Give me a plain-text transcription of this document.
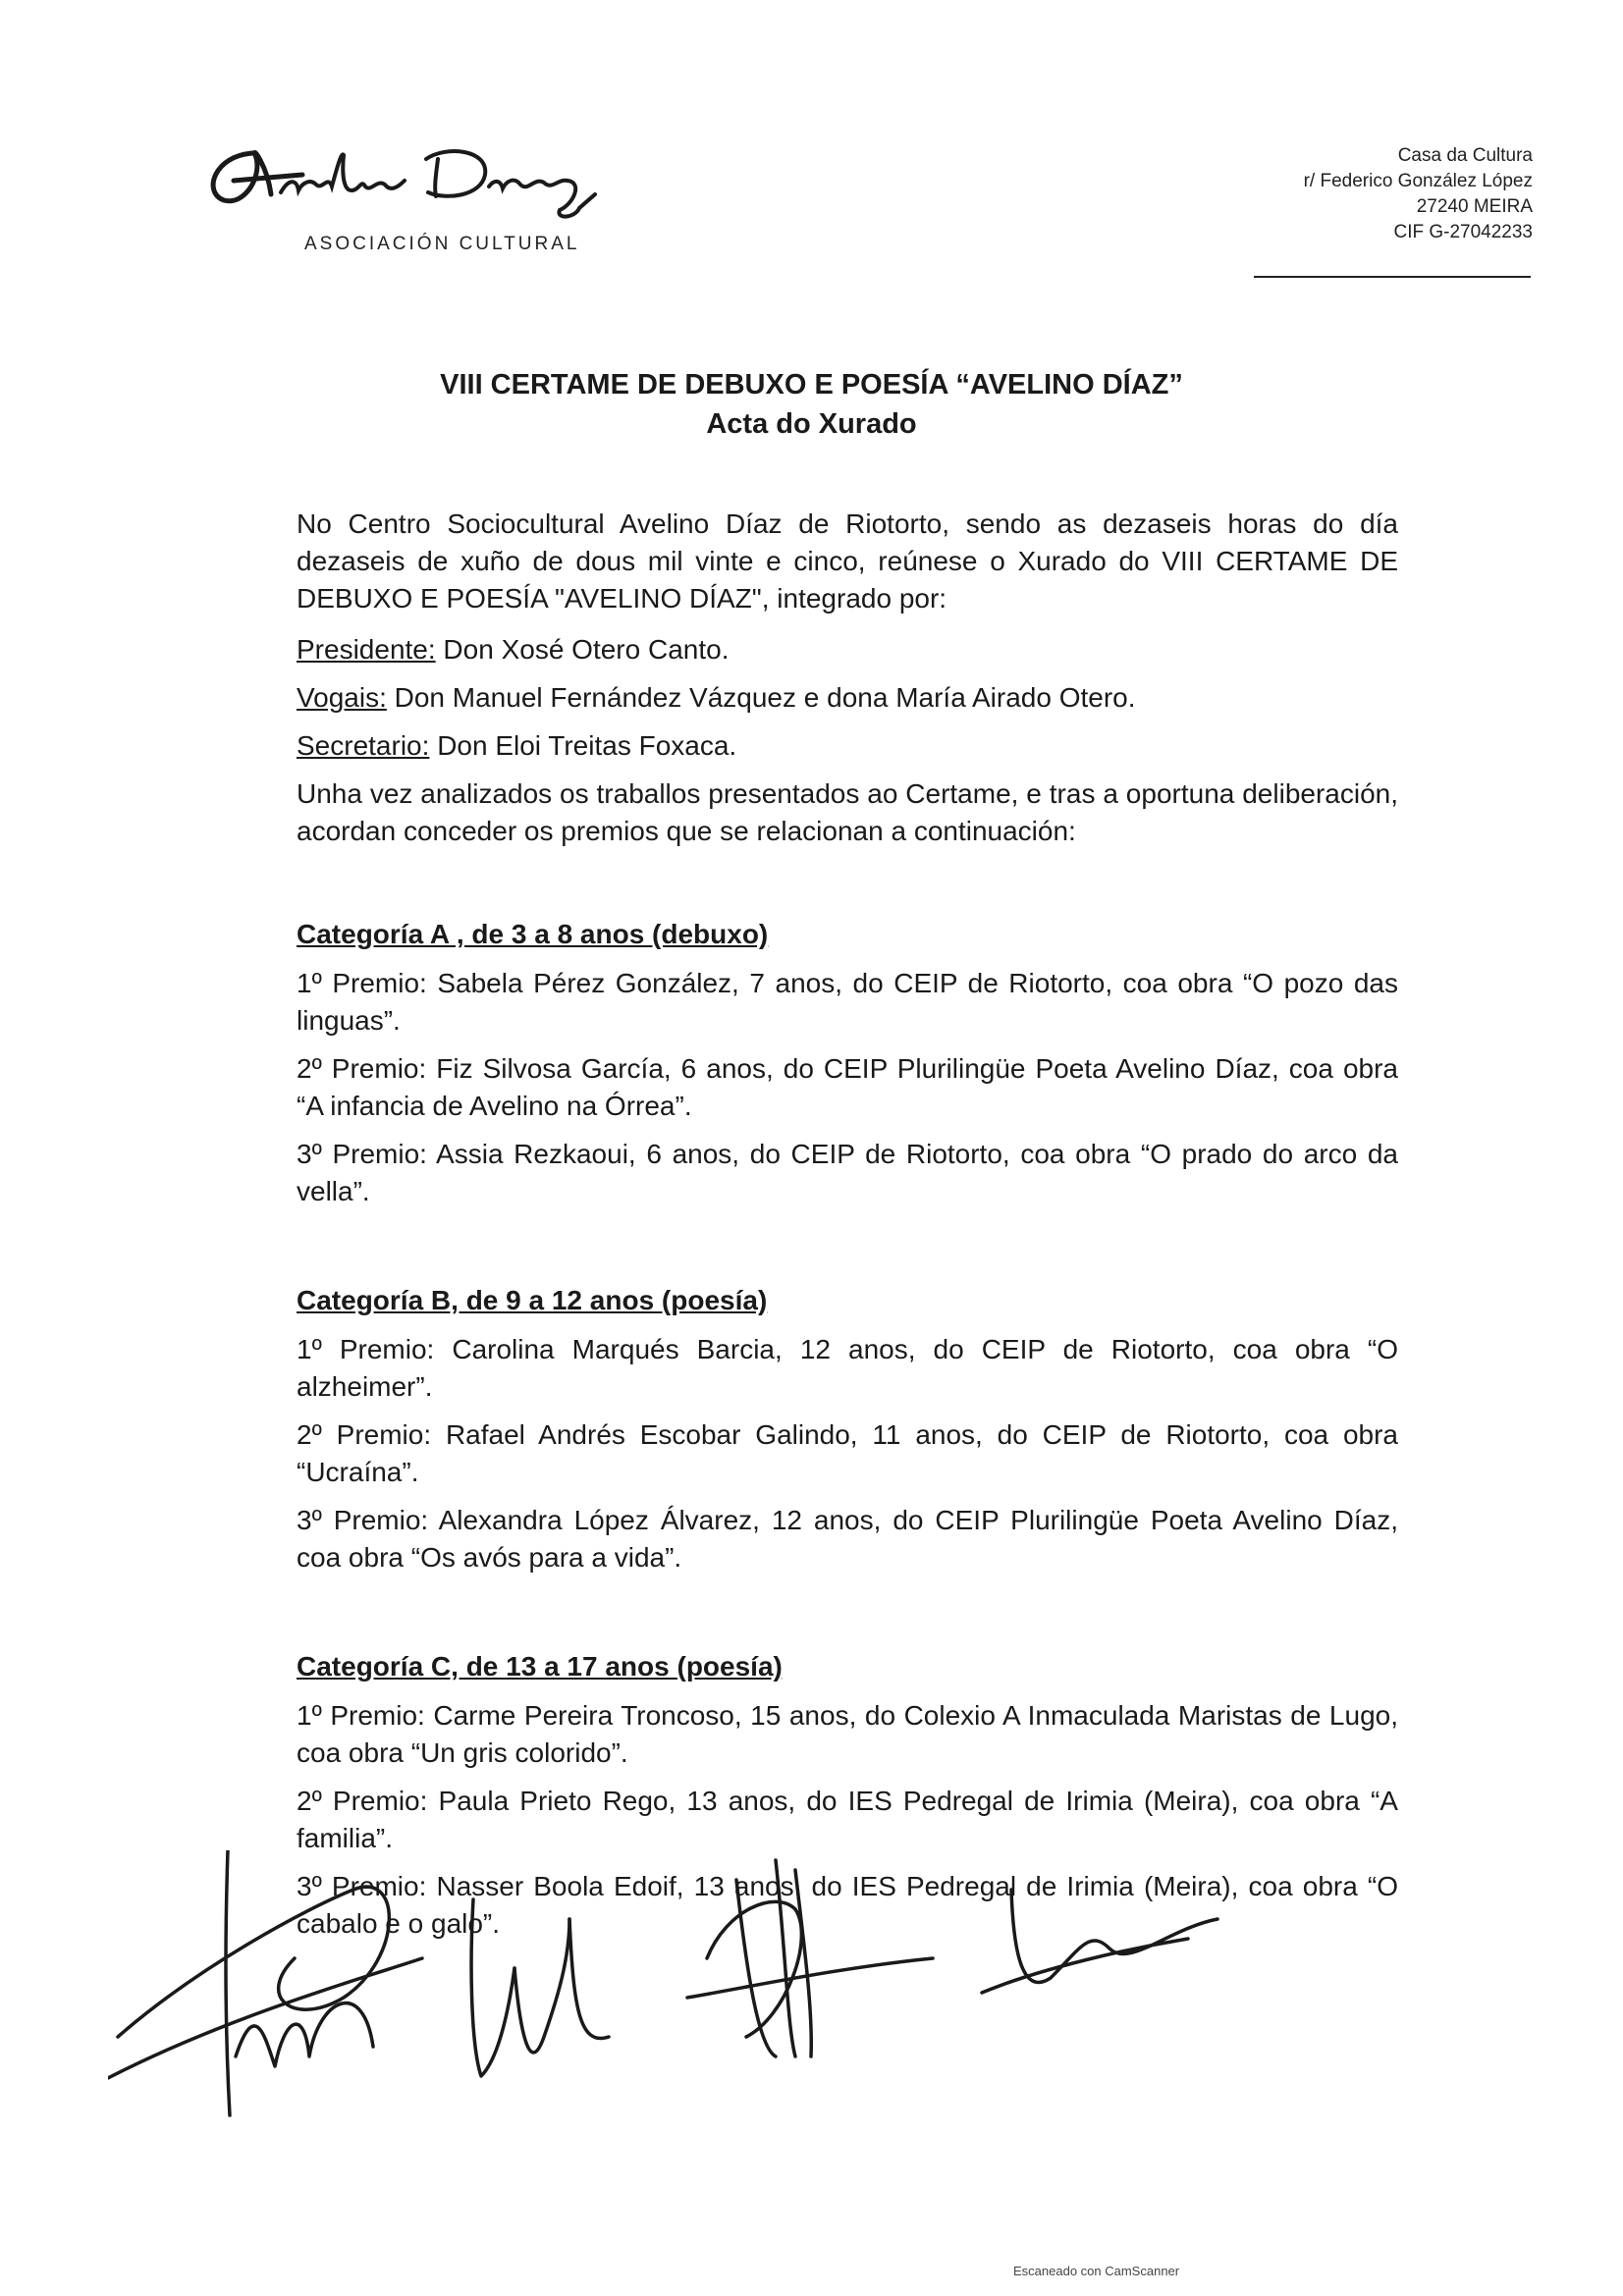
ASOCIACIÓN CULTURAL
Casa da Cultura
r/ Federico González López
27240 MEIRA
CIF G-27042233

VIII CERTAME DE DEBUXO E POESÍA “AVELINO DÍAZ”

Acta do Xurado

No Centro Sociocultural Avelino Díaz de Riotorto, sendo as dezaseis horas do día dezaseis de xuño de dous mil vinte e cinco, reúnese o Xurado do VIII CERTAME DE DEBUXO E POESÍA "AVELINO DÍAZ", integrado por:

Presidente: Don Xosé Otero Canto.

Vogais: Don Manuel Fernández Vázquez e dona María Airado Otero.

Secretario: Don Eloi Treitas Foxaca.

Unha vez analizados os traballos presentados ao Certame, e tras a oportuna deliberación, acordan conceder os premios que se relacionan a continuación:

Categoría A , de 3 a 8 anos (debuxo)

1º Premio: Sabela Pérez González, 7 anos, do CEIP de Riotorto, coa obra “O pozo das linguas”.

2º Premio: Fiz Silvosa García, 6 anos, do CEIP Plurilingüe Poeta Avelino Díaz, coa obra “A infancia de Avelino na Órrea”.

3º Premio: Assia Rezkaoui, 6 anos, do CEIP de Riotorto, coa obra “O prado do arco da vella”.

Categoría B, de 9 a 12 anos (poesía)

1º Premio: Carolina Marqués Barcia, 12 anos, do CEIP de Riotorto, coa obra “O alzheimer”.

2º Premio: Rafael Andrés Escobar Galindo, 11 anos, do CEIP de Riotorto, coa obra “Ucraína”.

3º Premio: Alexandra López Álvarez, 12 anos, do CEIP Plurilingüe Poeta Avelino Díaz, coa obra “Os avós para a vida”.

Categoría C, de 13 a 17 anos (poesía)

1º Premio: Carme Pereira Troncoso, 15 anos, do Colexio A Inmaculada Maristas de Lugo, coa obra “Un gris colorido”.

2º Premio: Paula Prieto Rego, 13 anos, do IES Pedregal de Irimia (Meira), coa obra “A familia”.

3º Premio: Nasser Boola Edoif, 13 anos, do IES Pedregal de Irimia (Meira), coa obra “O cabalo e o galo”.

Escaneado con CamScanner
